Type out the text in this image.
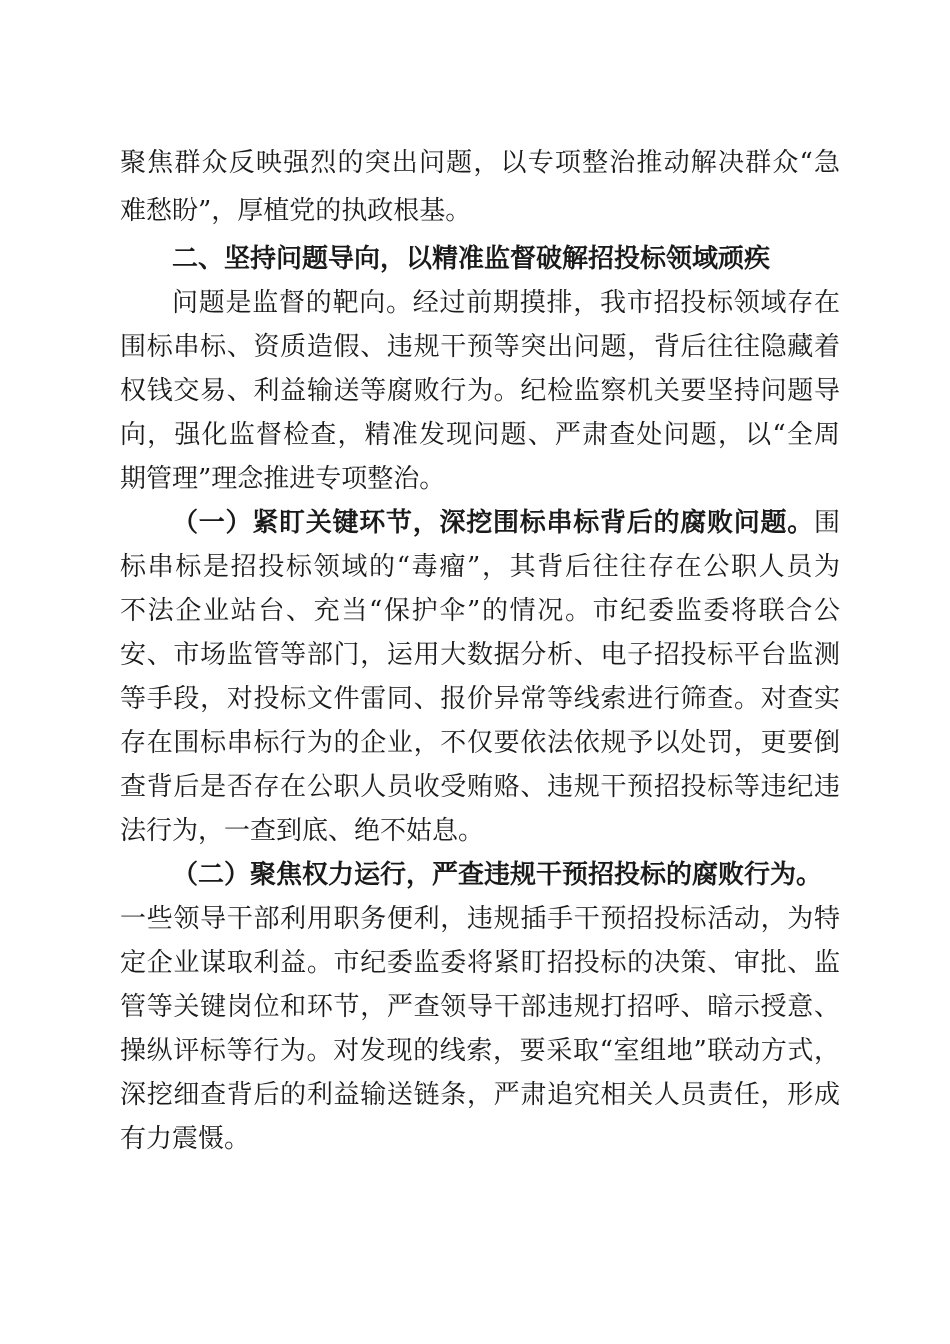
聚焦群众反映强烈的突出问题，以专项整治推动解决群众“急
难愁盼”，厚植党的执政根基。
二、坚持问题导向，以精准监督破解招投标领域顽疾
问题是监督的靶向。经过前期摸排，我市招投标领域存在
围标串标、资质造假、违规干预等突出问题，背后往往隐藏着
权钱交易、利益输送等腐败行为。纪检监察机关要坚持问题导
向，强化监督检查，精准发现问题、严肃查处问题，以“全周
期管理”理念推进专项整治。
（一）紧盯关键环节，深挖围标串标背后的腐败问题。围
标串标是招投标领域的“毒瘤”，其背后往往存在公职人员为
不法企业站台、充当“保护伞”的情况。市纪委监委将联合公
安、市场监管等部门，运用大数据分析、电子招投标平台监测
等手段，对投标文件雷同、报价异常等线索进行筛查。对查实
存在围标串标行为的企业，不仅要依法依规予以处罚，更要倒
查背后是否存在公职人员收受贿赂、违规干预招投标等违纪违
法行为，一查到底、绝不姑息。
（二）聚焦权力运行，严查违规干预招投标的腐败行为。
一些领导干部利用职务便利，违规插手干预招投标活动，为特
定企业谋取利益。市纪委监委将紧盯招投标的决策、审批、监
管等关键岗位和环节，严查领导干部违规打招呼、暗示授意、
操纵评标等行为。对发现的线索，要采取“室组地”联动方式，
深挖细查背后的利益输送链条，严肃追究相关人员责任，形成
有力震慑。
